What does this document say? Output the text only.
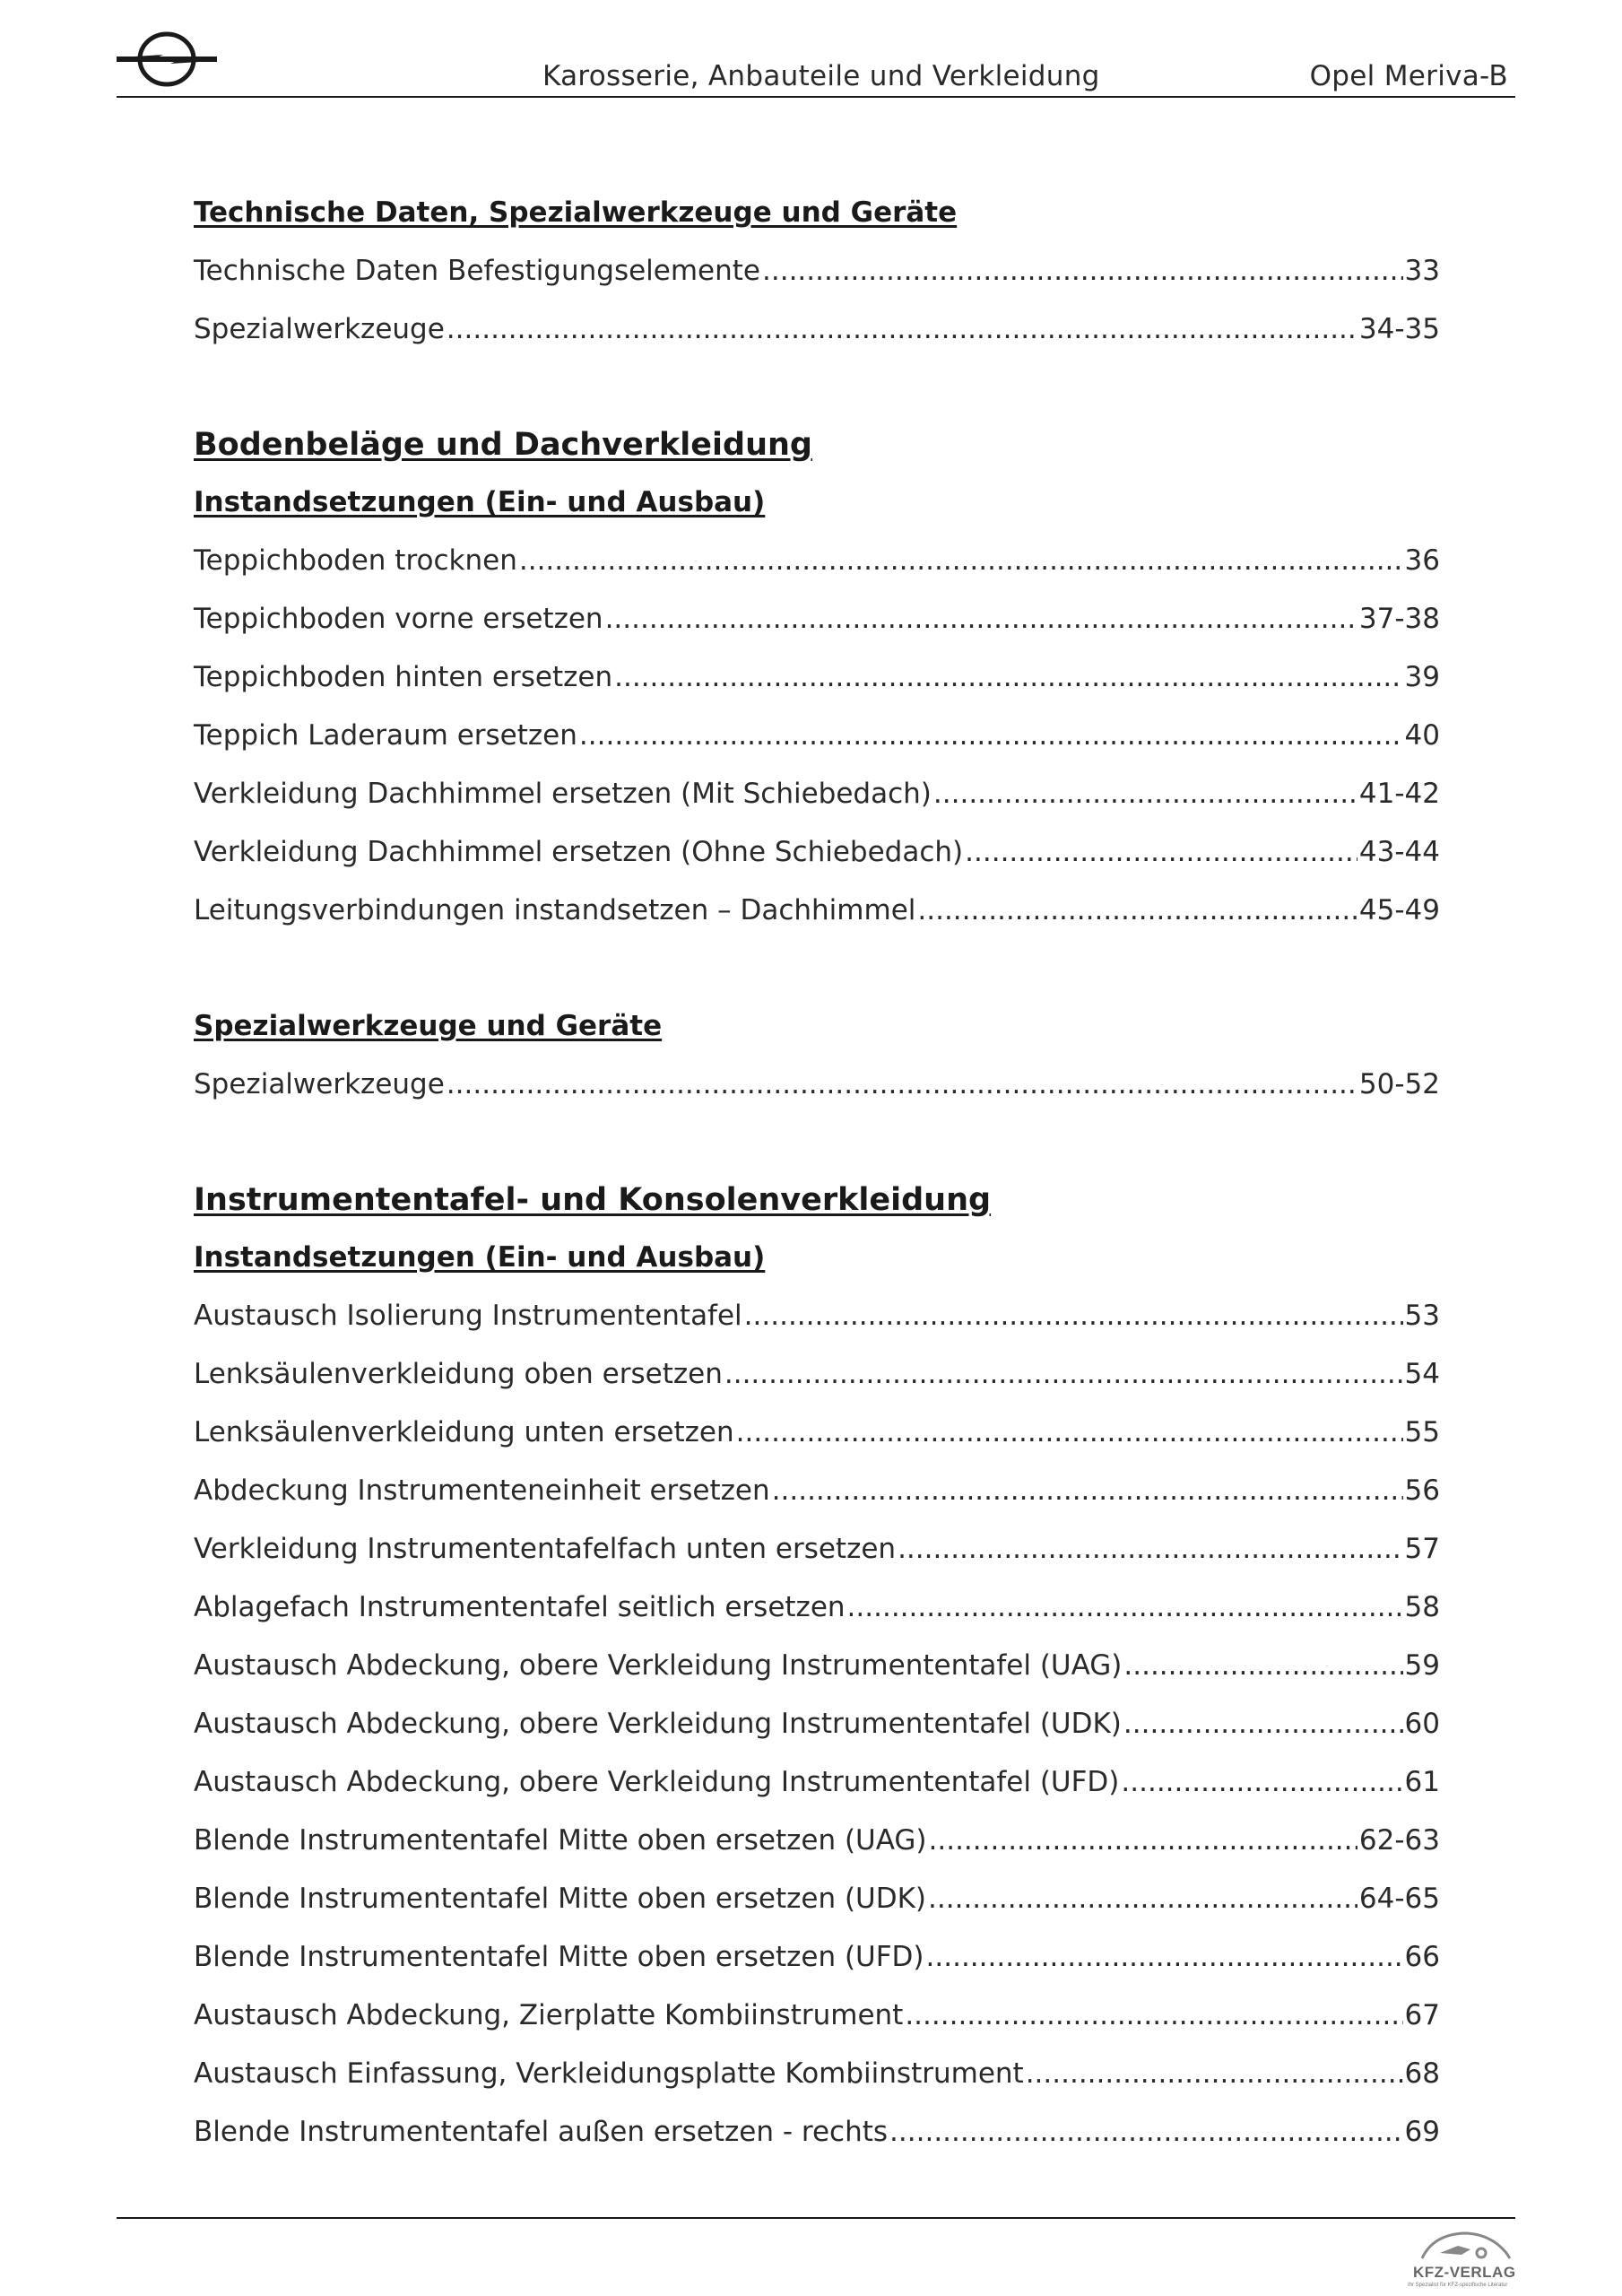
Karosserie, Anbauteile und Verkleidung	Opel Meriva-B
Technische Daten, Spezialwerkzeuge und Geräte
Technische Daten Befestigungselemente .....	33
Spezialwerkzeuge .....	34-35
Bodenbeläge und Dachverkleidung
Instandsetzungen (Ein- und Ausbau)
Teppichboden trocknen .....	36
Teppichboden vorne ersetzen .....	37-38
Teppichboden hinten ersetzen .....	39
Teppich Laderaum ersetzen .....	40
Verkleidung Dachhimmel ersetzen (Mit Schiebedach) .....	41-42
Verkleidung Dachhimmel ersetzen (Ohne Schiebedach) .....	43-44
Leitungsverbindungen instandsetzen – Dachhimmel .....	45-49
Spezialwerkzeuge und Geräte
Spezialwerkzeuge .....	50-52
Instrumententafel- und Konsolenverkleidung
Instandsetzungen (Ein- und Ausbau)
Austausch Isolierung Instrumententafel .....	53
Lenksäulenverkleidung oben ersetzen .....	54
Lenksäulenverkleidung unten ersetzen .....	55
Abdeckung Instrumenteneinheit ersetzen .....	56
Verkleidung Instrumententafelfach unten ersetzen .....	57
Ablagefach Instrumententafel seitlich ersetzen .....	58
Austausch Abdeckung, obere Verkleidung Instrumententafel (UAG) .....	59
Austausch Abdeckung, obere Verkleidung Instrumententafel (UDK) .....	60
Austausch Abdeckung, obere Verkleidung Instrumententafel (UFD) .....	61
Blende Instrumententafel Mitte oben ersetzen (UAG) .....	62-63
Blende Instrumententafel Mitte oben ersetzen (UDK) .....	64-65
Blende Instrumententafel Mitte oben ersetzen (UFD) .....	66
Austausch Abdeckung, Zierplatte Kombiinstrument .....	67
Austausch Einfassung, Verkleidungsplatte Kombiinstrument .....	68
Blende Instrumententafel außen ersetzen - rechts .....	69
KFZ-VERLAG
Ihr Spezialist für KFZ-spezifische Literatur
